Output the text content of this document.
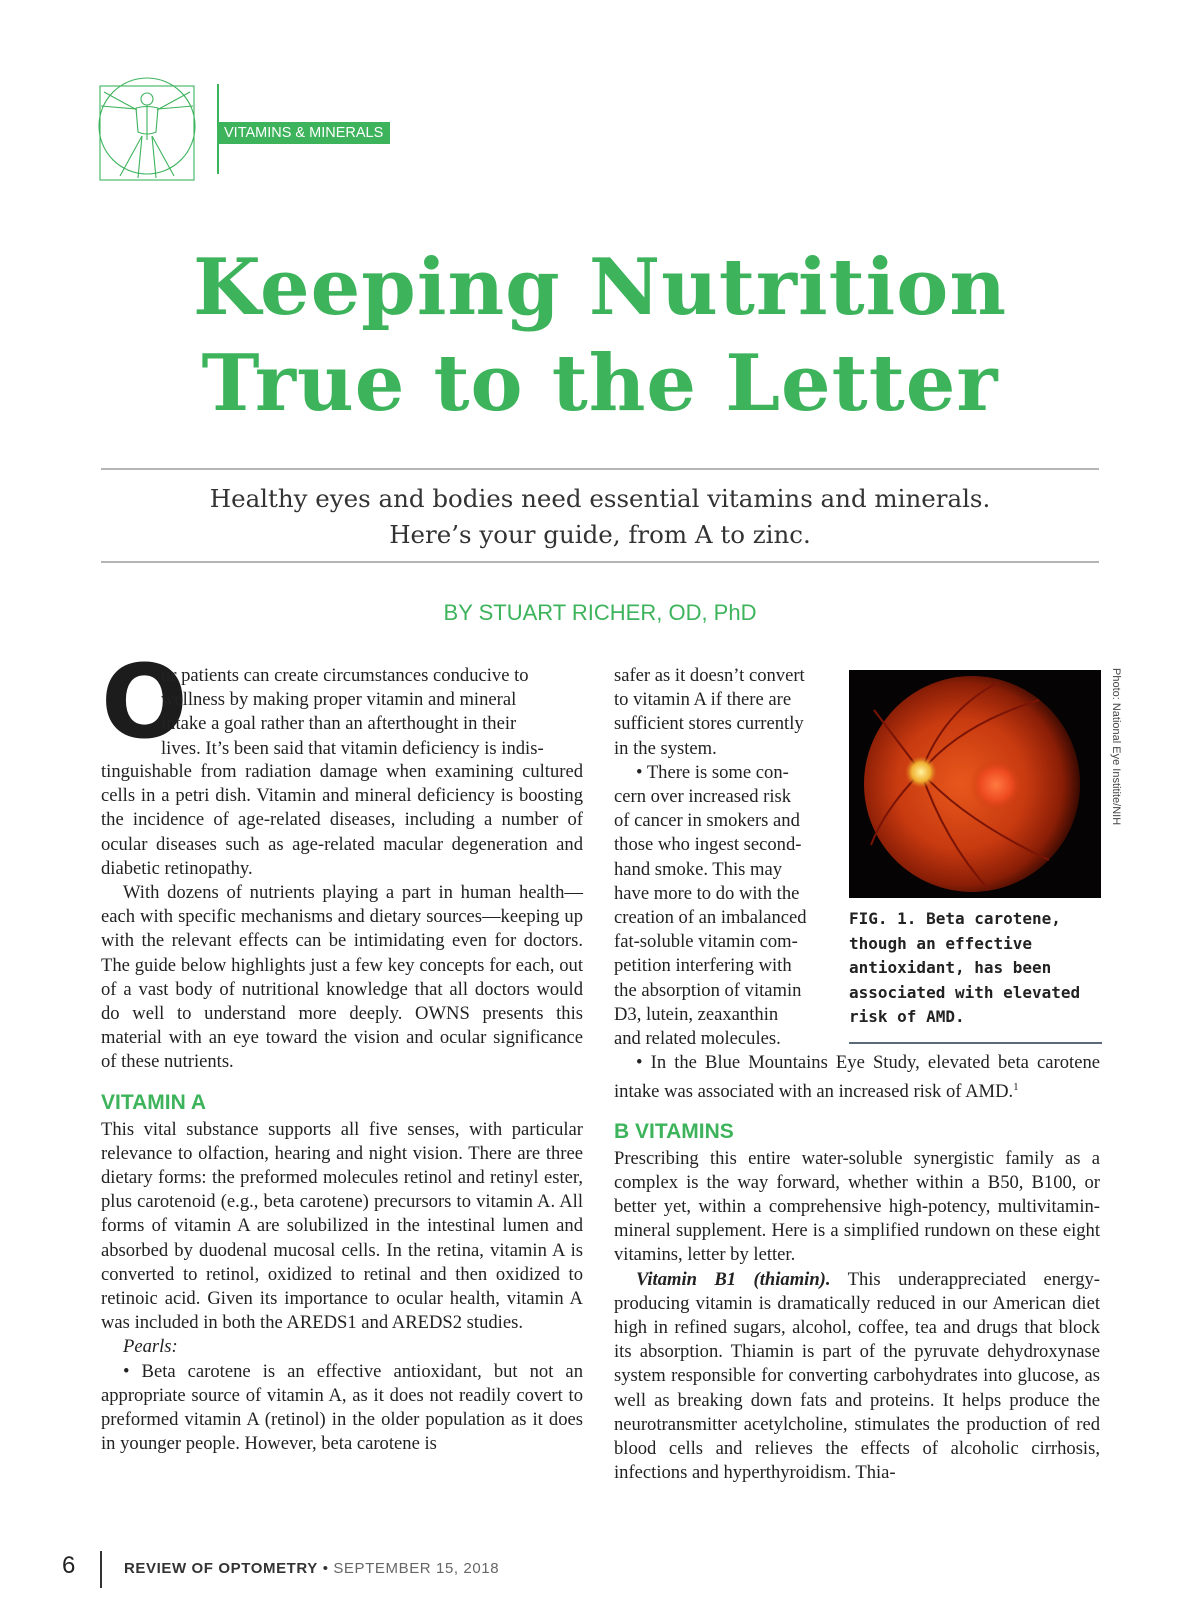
VITAMINS & MINERALS
Keeping Nutrition
True to the Letter
Healthy eyes and bodies need essential vitamins and minerals.
Here’s your guide, from A to zinc.
BY STUART RICHER, OD, PhD
O
ur patients can create circumstances conducive to
wellness by making proper vitamin and mineral
intake a goal rather than an afterthought in their
lives. It’s been said that vitamin deficiency is indis-

tinguishable from radiation damage when examining cultured cells in a petri dish. Vitamin and mineral deficiency is boosting the incidence of age-related diseases, including a number of ocular diseases such as age-related macular degeneration and diabetic retinopathy.

With dozens of nutrients playing a part in human health—each with specific mechanisms and dietary sources—keeping up with the relevant effects can be intimidating even for doctors. The guide below highlights just a few key concepts for each, out of a vast body of nutritional knowledge that all doctors would do well to understand more deeply. OWNS presents this material with an eye toward the vision and ocular significance of these nutrients.

VITAMIN A

This vital substance supports all five senses, with particular relevance to olfaction, hearing and night vision. There are three dietary forms: the preformed molecules retinol and retinyl ester, plus carotenoid (e.g., beta carotene) precursors to vitamin A. All forms of vitamin A are solubilized in the intestinal lumen and absorbed by duodenal mucosal cells. In the retina, vitamin A is converted to retinol, oxidized to retinal and then oxidized to retinoic acid. Given its importance to ocular health, vitamin A was included in both the AREDS1 and AREDS2 studies.

Pearls:

• Beta carotene is an effective antioxidant, but not an appropriate source of vitamin A, as it does not readily covert to preformed vitamin A (retinol) in the older population as it does in younger people. However, beta carotene is

safer as it doesn’t convert
to vitamin A if there are
sufficient stores currently
in the system.
• There is some con-
cern over increased risk
of cancer in smokers and
those who ingest second-
hand smoke. This may
have more to do with the
creation of an imbalanced
fat-soluble vitamin com-
petition interfering with
the absorption of vitamin
D3, lutein, zeaxanthin
and related molecules.
Photo: National Eye Institite/NIH
FIG. 1. Beta carotene,
though an effective
antioxidant, has been
associated with elevated
risk of AMD.

• In the Blue Mountains Eye Study, elevated beta carotene intake was associated with an increased risk of AMD.$^1$

B VITAMINS

Prescribing this entire water-soluble synergistic family as a complex is the way forward, whether within a B50, B100, or better yet, within a comprehensive high-potency, multivitamin-mineral supplement. Here is a simplified rundown on these eight vitamins, letter by letter.

Vitamin B1 (thiamin). This underappreciated energy-producing vitamin is dramatically reduced in our American diet high in refined sugars, alcohol, coffee, tea and drugs that block its absorption. Thiamin is part of the pyruvate dehydroxynase system responsible for converting carbohydrates into glucose, as well as breaking down fats and proteins. It helps produce the neurotransmitter acetylcholine, stimulates the production of red blood cells and relieves the effects of alcoholic cirrhosis, infections and hyperthyroidism. Thia-

6	REVIEW OF OPTOMETRY • SEPTEMBER 15, 2018
